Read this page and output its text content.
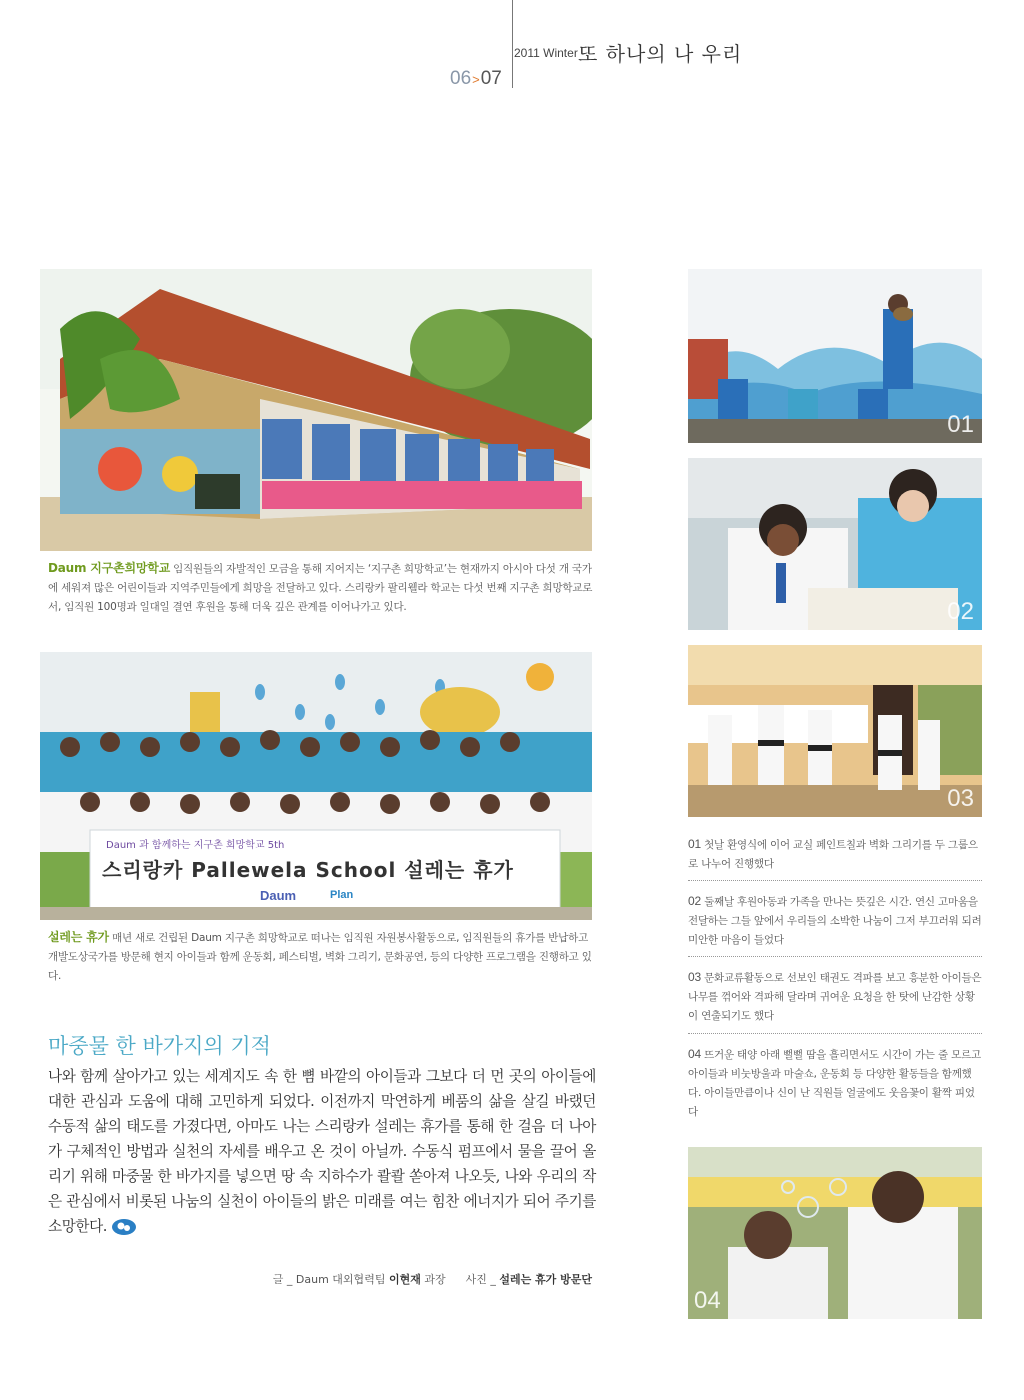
06>07
2011 Winter 또 하나의 나 우리
Daum 지구촌희망학교 임직원들의 자발적인 모금을 통해 지어지는 ‘지구촌 희망학교’는 현재까지 아시아 다섯 개 국가에 세워져 많은 어린이들과 지역주민들에게 희망을 전달하고 있다. 스리랑카 팔리웰라 학교는 다섯 번째 지구촌 희망학교로서, 임직원 100명과 일대일 결연 후원을 통해 더욱 깊은 관계를 이어나가고 있다.
Daum 과 함께하는 지구촌 희망학교 5th
스리랑카 Pallewela School 설레는 휴가
Daum	Plan
설레는 휴가 매년 새로 건립된 Daum 지구촌 희망학교로 떠나는 임직원 자원봉사활동으로, 임직원들의 휴가를 반납하고 개발도상국가를 방문해 현지 아이들과 함께 운동회, 페스티벌, 벽화 그리기, 문화공연, 등의 다양한 프로그램을 진행하고 있다.
01
02
03
01 첫날 환영식에 이어 교실 페인트칠과 벽화 그리기를 두 그룹으로 나누어 진행했다
02 둘째날 후원아동과 가족을 만나는 뜻깊은 시간. 연신 고마움을 전달하는 그들 앞에서 우리들의 소박한 나눔이 그저 부끄러워 되려 미안한 마음이 들었다
03 문화교류활동으로 선보인 태권도 격파를 보고 흥분한 아이들은 나무를 꺾어와 격파해 달라며 귀여운 요청을 한 탓에 난감한 상황이 연출되기도 했다
04 뜨거운 태양 아래 뻘뻘 땀을 흘리면서도 시간이 가는 줄 모르고 아이들과 비눗방울과 마술쇼, 운동회 등 다양한 활동들을 함께했다. 아이들만큼이나 신이 난 직원들 얼굴에도 웃음꽃이 활짝 피었다
04
마중물 한 바가지의 기적
나와 함께 살아가고 있는 세계지도 속 한 뼘 바깥의 아이들과 그보다 더 먼 곳의 아이들에 대한 관심과 도움에 대해 고민하게 되었다. 이전까지 막연하게 베품의 삶을 살길 바랬던 수동적 삶의 태도를 가졌다면, 아마도 나는 스리랑카 설레는 휴가를 통해 한 걸음 더 나아가 구체적인 방법과 실천의 자세를 배우고 온 것이 아닐까. 수동식 펌프에서 물을 끌어 올리기 위해 마중물 한 바가지를 넣으면 땅 속 지하수가 콸콸 쏟아져 나오듯, 나와 우리의 작은 관심에서 비롯된 나눔의 실천이 아이들의 밝은 미래를 여는 힘찬 에너지가 되어 주기를 소망한다.
글 _ Daum 대외협력팀 이현재 과장 사진 _ 설레는 휴가 방문단
